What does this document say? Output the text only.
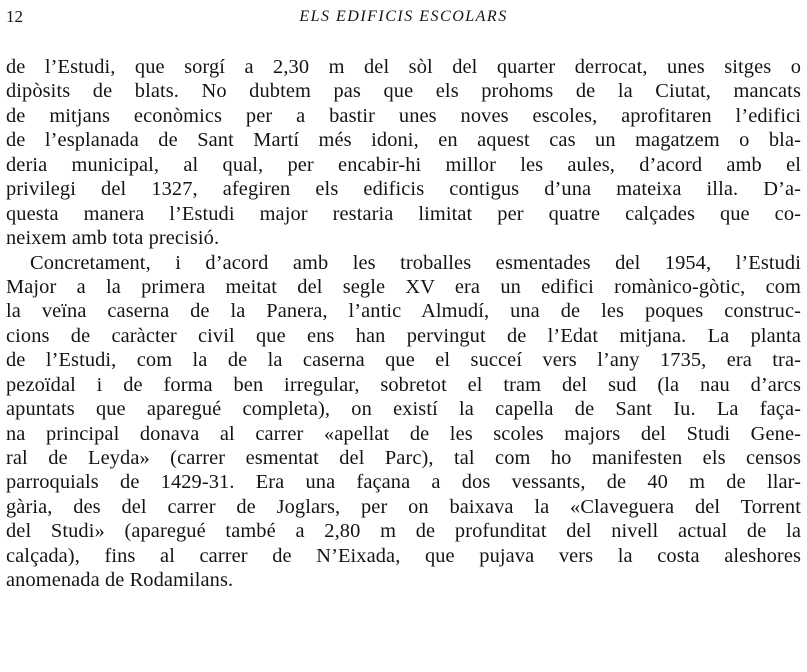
12	ELS EDIFICIS ESCOLARS
de l’Estudi, que sorgí a 2,30 m del sòl del quarter derrocat, unes sitges o
dipòsits de blats. No dubtem pas que els prohoms de la Ciutat, mancats
de mitjans econòmics per a bastir unes noves escoles, aprofitaren l’edifici
de l’esplanada de Sant Martí més idoni, en aquest cas un magatzem o bla-
deria municipal, al qual, per encabir-hi millor les aules, d’acord amb el
privilegi del 1327, afegiren els edificis contigus d’una mateixa illa. D’a-
questa manera l’Estudi major restaria limitat per quatre calçades que co-
neixem amb tota precisió.
Concretament, i d’acord amb les troballes esmentades del 1954, l’Estudi
Major a la primera meitat del segle XV era un edifici romànico-gòtic, com
la veïna caserna de la Panera, l’antic Almudí, una de les poques construc-
cions de caràcter civil que ens han pervingut de l’Edat mitjana. La planta
de l’Estudi, com la de la caserna que el succeí vers l’any 1735, era tra-
pezoïdal i de forma ben irregular, sobretot el tram del sud (la nau d’arcs
apuntats que aparegué completa), on existí la capella de Sant Iu. La faça-
na principal donava al carrer «apellat de les scoles majors del Studi Gene-
ral de Leyda» (carrer esmentat del Parc), tal com ho manifesten els censos
parroquials de 1429-31. Era una façana a dos vessants, de 40 m de llar-
gària, des del carrer de Joglars, per on baixava la «Claveguera del Torrent
del Studi» (aparegué també a 2,80 m de profunditat del nivell actual de la
calçada), fins al carrer de N’Eixada, que pujava vers la costa aleshores
anomenada de Rodamilans.
